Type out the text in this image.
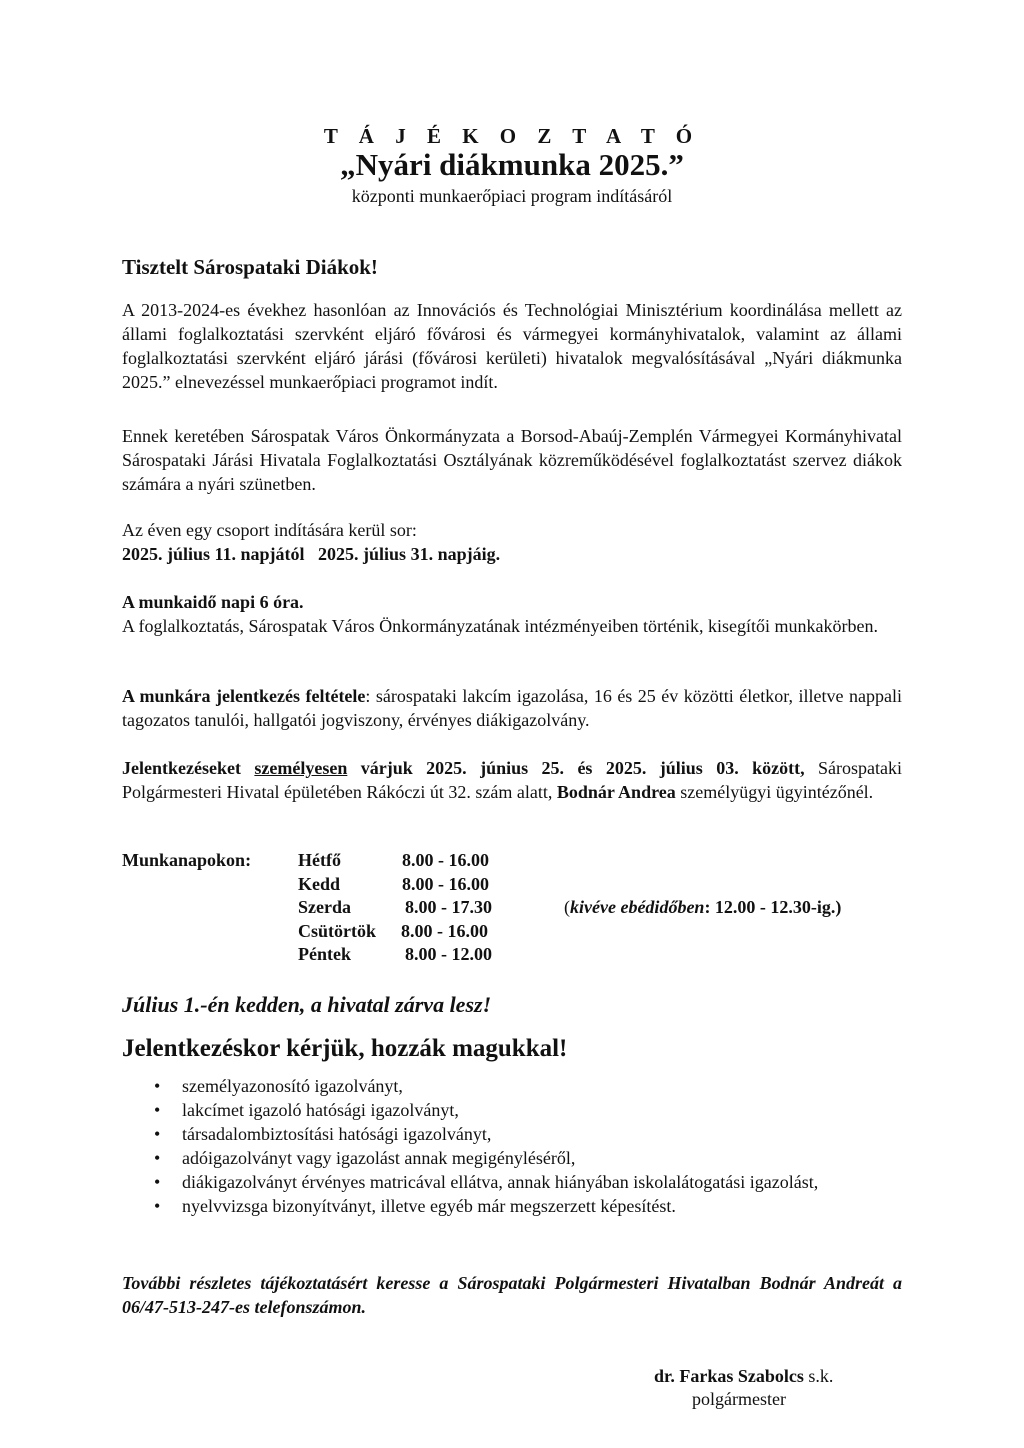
T Á J É K O Z T A T Ó
„Nyári diákmunka 2025.”
központi munkaerőpiaci program indításáról
Tisztelt Sárospataki Diákok!
A 2013-2024-es évekhez hasonlóan az Innovációs és Technológiai Minisztérium koordinálása mellett az állami foglalkoztatási szervként eljáró fővárosi és vármegyei kormányhivatalok, valamint az állami foglalkoztatási szervként eljáró járási (fővárosi kerületi) hivatalok megvalósításával „Nyári diákmunka 2025.” elnevezéssel munkaerőpiaci programot indít.
Ennek keretében Sárospatak Város Önkormányzata a Borsod-Abaúj-Zemplén Vármegyei Kormányhivatal Sárospataki Járási Hivatala Foglalkoztatási Osztályának közreműködésével foglalkoztatást szervez diákok számára a nyári szünetben.
Az éven egy csoport indítására kerül sor:
2025. július 11. napjától   2025. július 31. napjáig.
A munkaidő napi 6 óra.
A foglalkoztatás, Sárospatak Város Önkormányzatának intézményeiben történik, kisegítői munkakörben.
A munkára jelentkezés feltétele: sárospataki lakcím igazolása, 16 és 25 év közötti életkor, illetve nappali tagozatos tanulói, hallgatói jogviszony, érvényes diákigazolvány.
Jelentkezéseket személyesen várjuk 2025. június 25. és 2025. július 03. között, Sárospataki Polgármesteri Hivatal épületében Rákóczi út 32. szám alatt, Bodnár Andrea személyügyi ügyintézőnél.
Munkanapokon:	Hétfő	8.00 - 16.00
Kedd	8.00 - 16.00
Szerda	8.00 - 17.30
Csütörtök 8.00 - 16.00
Péntek	8.00 - 12.00
(kivéve ebédidőben: 12.00 - 12.30-ig.)
Július 1.-én kedden, a hivatal zárva lesz!
Jelentkezéskor kérjük, hozzák magukkal!
• személyazonosító igazolványt,
• lakcímet igazoló hatósági igazolványt,
• társadalombiztosítási hatósági igazolványt,
• adóigazolványt vagy igazolást annak megigényléséről,
• diákigazolványt érvényes matricával ellátva, annak hiányában iskolalátogatási igazolást,
• nyelvvizsga bizonyítványt, illetve egyéb már megszerzett képesítést.
További részletes tájékoztatásért keresse a Sárospataki Polgármesteri Hivatalban Bodnár Andreát a 06/47-513-247-es telefonszámon.
dr. Farkas Szabolcs s.k.
polgármester
